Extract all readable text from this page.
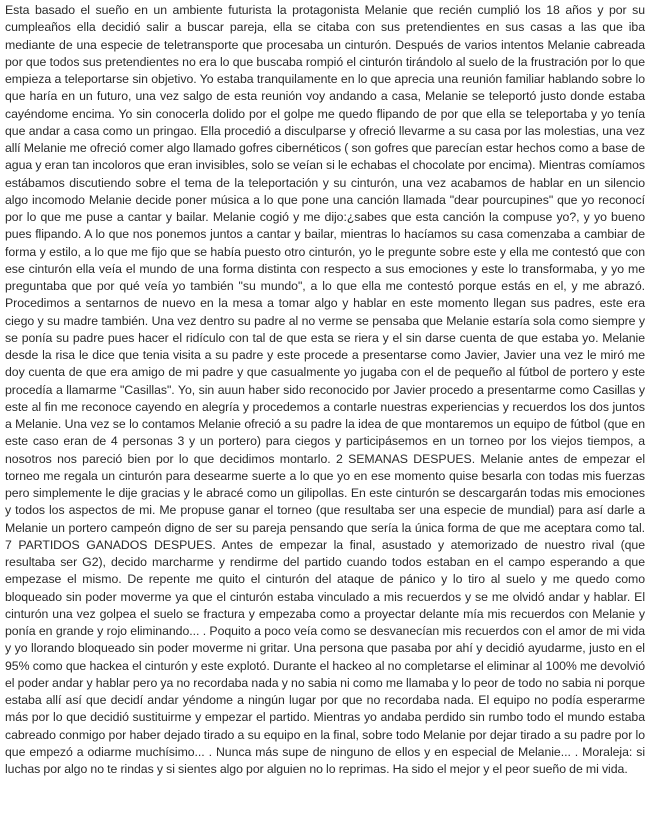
Esta basado el sueño en un ambiente futurista la protagonista Melanie que recién cumplió los 18 años y por su cumpleaños ella decidió salir a buscar pareja, ella se citaba con sus pretendientes en sus casas a las que iba mediante de una especie de teletransporte que procesaba un cinturón. Después de varios intentos Melanie cabreada por que todos sus pretendientes no era lo que buscaba rompió el cinturón tirándolo al suelo de la frustración por lo que empieza a teleportarse sin objetivo. Yo estaba tranquilamente en lo que aprecia una reunión familiar hablando sobre lo que haría en un futuro, una vez salgo de esta reunión voy andando a casa, Melanie se teleportó justo donde estaba cayéndome encima. Yo sin conocerla dolido por el golpe me quedo flipando de por que ella se teleportaba y yo tenía que andar a casa como un pringao. Ella procedió a disculparse y ofreció llevarme a su casa por las molestias, una vez allí Melanie me ofreció comer algo llamado gofres cibernéticos ( son gofres que parecían estar hechos como a base de agua y eran tan incoloros que eran invisibles, solo se veían si le echabas el chocolate por encima). Mientras comíamos estábamos discutiendo sobre el tema de la teleportación y su cinturón, una vez acabamos de hablar en un silencio algo incomodo Melanie decide poner música a lo que pone una canción llamada "dear pourcupines" que yo reconocí por lo que me puse a cantar y bailar. Melanie cogió y me dijo:¿sabes que esta canción la compuse yo?, y yo bueno pues flipando. A lo que nos ponemos juntos a cantar y bailar, mientras lo hacíamos su casa comenzaba a cambiar de forma y estilo, a lo que me fijo que se había puesto otro cinturón, yo le pregunte sobre este y ella me contestó que con ese cinturón ella veía el mundo de una forma distinta con respecto a sus emociones y este lo transformaba, y yo me preguntaba que por qué veía yo también "su mundo", a lo que ella me contestó porque estás en el, y me abrazó. Procedimos a sentarnos de nuevo en la mesa a tomar algo y hablar en este momento llegan sus padres, este era ciego y su madre también. Una vez dentro su padre al no verme se pensaba que Melanie estaría sola como siempre y se ponía su padre pues hacer el ridículo con tal de que esta se riera y el sin darse cuenta de que estaba yo. Melanie desde la risa le dice que tenia visita a su padre y este procede a presentarse como Javier, Javier una vez le miró me doy cuenta de que era amigo de mi padre y que casualmente yo jugaba con el de pequeño al fútbol de portero y este procedía a llamarme "Casillas". Yo, sin auun haber sido reconocido por Javier procedo a presentarme como Casillas y este al fin me reconoce cayendo en alegría y procedemos a contarle nuestras experiencias y recuerdos los dos juntos a Melanie. Una vez se lo contamos Melanie ofreció a su padre la idea de que montaremos un equipo de fútbol (que en este caso eran de 4 personas 3 y un portero) para ciegos y participásemos en un torneo por los viejos tiempos, a nosotros nos pareció bien por lo que decidimos montarlo. 2 SEMANAS DESPUES. Melanie antes de empezar el torneo me regala un cinturón para desearme suerte a lo que yo en ese momento quise besarla con todas mis fuerzas pero simplemente le dije gracias y le abracé como un gilipollas. En este cinturón se descargarán todas mis emociones y todos los aspectos de mi. Me propuse ganar el torneo (que resultaba ser una especie de mundial) para así darle a Melanie un portero campeón digno de ser su pareja pensando que sería la única forma de que me aceptara como tal. 7 PARTIDOS GANADOS DESPUES. Antes de empezar la final, asustado y atemorizado de nuestro rival (que resultaba ser G2), decido marcharme y rendirme del partido cuando todos estaban en el campo esperando a que empezase el mismo. De repente me quito el cinturón del ataque de pánico y lo tiro al suelo y me quedo como bloqueado sin poder moverme ya que el cinturón estaba vinculado a mis recuerdos y se me olvidó andar y hablar. El cinturón una vez golpea el suelo se fractura y empezaba como a proyectar delante mía mis recuerdos con Melanie y ponía en grande y rojo eliminando... . Poquito a poco veía como se desvanecían mis recuerdos con el amor de mi vida y yo llorando bloqueado sin poder moverme ni gritar. Una persona que pasaba por ahí y decidió ayudarme, justo en el 95% como que hackea el cinturón y este explotó. Durante el hackeo al no completarse el eliminar al 100% me devolvió el poder andar y hablar pero ya no recordaba nada y no sabia ni como me llamaba y lo peor de todo no sabia ni porque estaba allí así que decidí andar yéndome a ningún lugar por que no recordaba nada. El equipo no podía esperarme más por lo que decidió sustituirme y empezar el partido. Mientras yo andaba perdido sin rumbo todo el mundo estaba cabreado conmigo por haber dejado tirado a su equipo en la final, sobre todo Melanie por dejar tirado a su padre por lo que empezó a odiarme muchísimo... . Nunca más supe de ninguno de ellos y en especial de Melanie... . Moraleja: si luchas por algo no te rindas y si sientes algo por alguien no lo reprimas. Ha sido el mejor y el peor sueño de mi vida.
